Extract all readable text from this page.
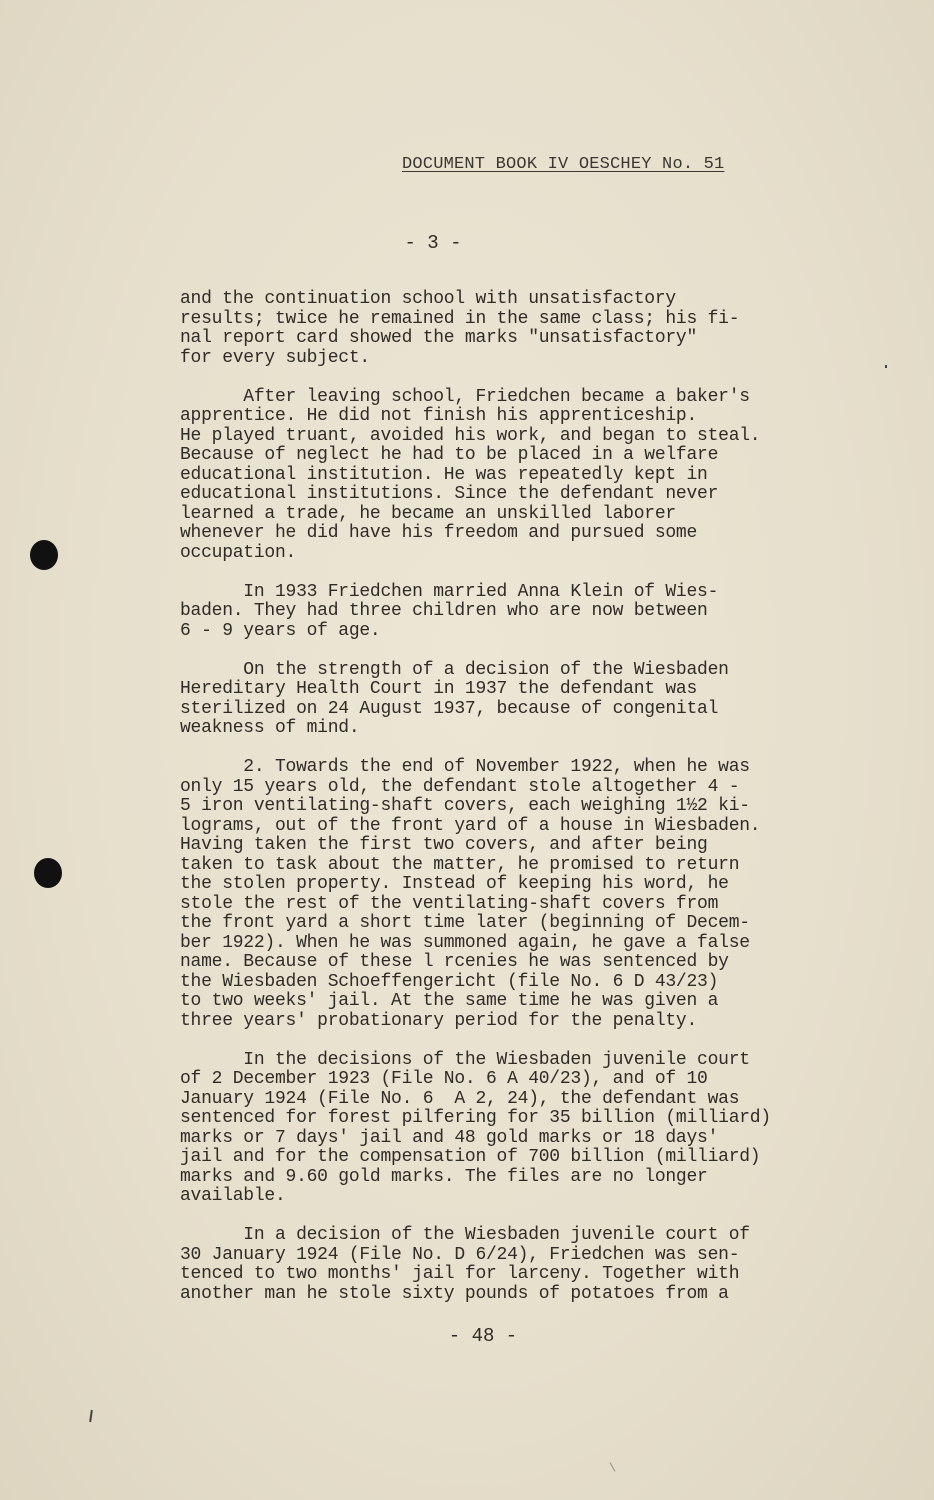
DOCUMENT BOOK IV OESCHEY No. 51
- 3 -
and the continuation school with unsatisfactory
results; twice he remained in the same class; his fi-
nal report card showed the marks "unsatisfactory"
for every subject.
After leaving school, Friedchen became a baker's
apprentice. He did not finish his apprenticeship.
He played truant, avoided his work, and began to steal.
Because of neglect he had to be placed in a welfare
educational institution. He was repeatedly kept in
educational institutions. Since the defendant never
learned a trade, he became an unskilled laborer
whenever he did have his freedom and pursued some
occupation.
In 1933 Friedchen married Anna Klein of Wies-
baden. They had three children who are now between
6 - 9 years of age.
On the strength of a decision of the Wiesbaden
Hereditary Health Court in 1937 the defendant was
sterilized on 24 August 1937, because of congenital
weakness of mind.
2. Towards the end of November 1922, when he was
only 15 years old, the defendant stole altogether 4 -
5 iron ventilating-shaft covers, each weighing 1½2 ki-
lograms, out of the front yard of a house in Wiesbaden.
Having taken the first two covers, and after being
taken to task about the matter, he promised to return
the stolen property. Instead of keeping his word, he
stole the rest of the ventilating-shaft covers from
the front yard a short time later (beginning of Decem-
ber 1922). When he was summoned again, he gave a false
name. Because of these l rcenies he was sentenced by
the Wiesbaden Schoeffengericht (file No. 6 D 43/23)
to two weeks' jail. At the same time he was given a
three years' probationary period for the penalty.
In the decisions of the Wiesbaden juvenile court
of 2 December 1923 (File No. 6 A 40/23), and of 10
January 1924 (File No. 6  A 2, 24), the defendant was
sentenced for forest pilfering for 35 billion (milliard)
marks or 7 days' jail and 48 gold marks or 18 days'
jail and for the compensation of 700 billion (milliard)
marks and 9.60 gold marks. The files are no longer
available.
In a decision of the Wiesbaden juvenile court of
30 January 1924 (File No. D 6/24), Friedchen was sen-
tenced to two months' jail for larceny. Together with
another man he stole sixty pounds of potatoes from a
- 48 -
